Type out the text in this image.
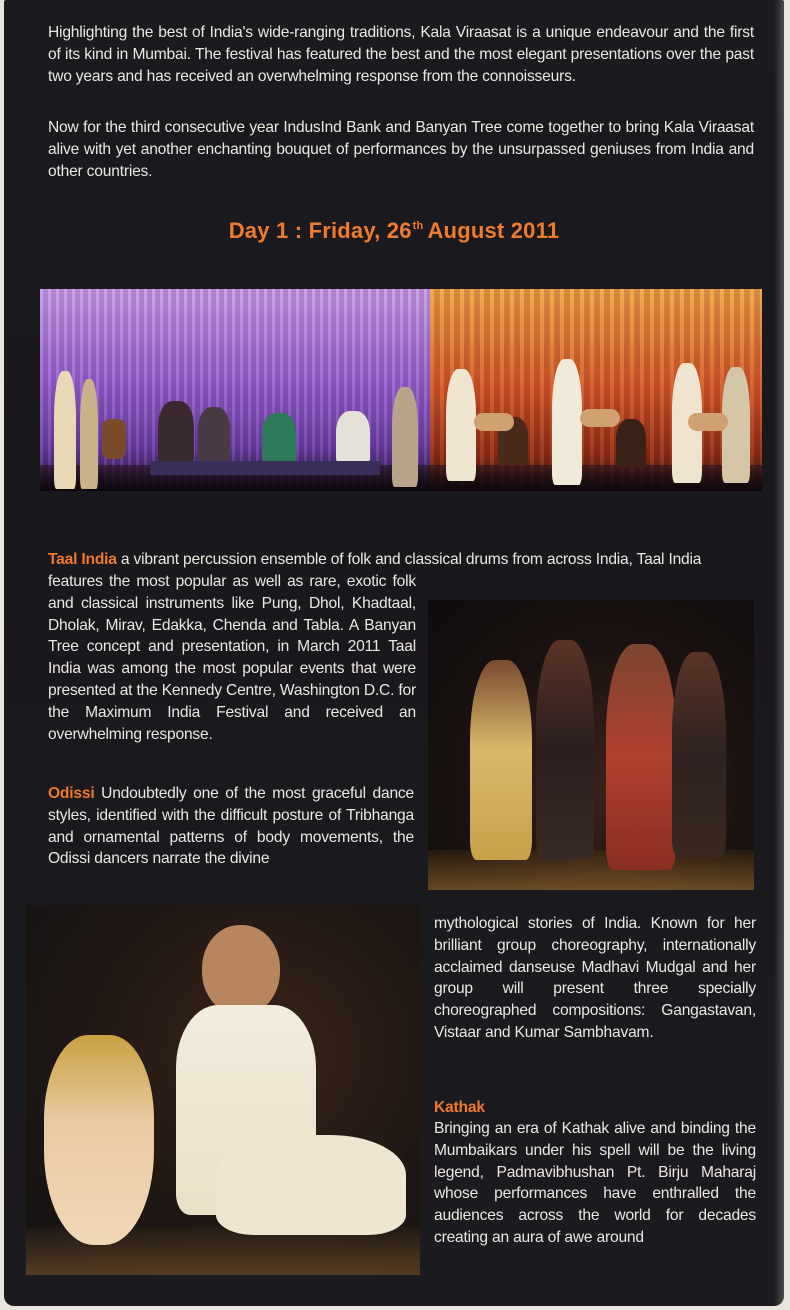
Highlighting the best of India's wide-ranging traditions, Kala Viraasat is a unique endeavour and the first of its kind in Mumbai. The festival has featured the best and the most elegant presentations over the past two years and has received an overwhelming response from the connoisseurs.
Now for the third consecutive year IndusInd Bank and Banyan Tree come together to bring Kala Viraasat alive with yet another enchanting bouquet of performances by the unsurpassed geniuses from India and other countries.
Day 1 : Friday, 26th August 2011
Taal India a vibrant percussion ensemble of folk and classical drums from across India, Taal India
features the most popular as well as rare, exotic folk and classical instruments like Pung, Dhol, Khadtaal, Dholak, Mirav, Edakka, Chenda and Tabla. A Banyan Tree concept and presentation, in March 2011 Taal India was among the most popular events that were presented at the Kennedy Centre, Washington D.C. for the Maximum India Festival and received an overwhelming response.
Odissi Undoubtedly one of the most graceful dance styles, identified with the difficult posture of Tribhanga and ornamental patterns of body movements, the Odissi dancers narrate the divine
mythological stories of India. Known for her brilliant group choreography, internationally acclaimed danseuse Madhavi Mudgal and her group will present three specially choreographed compositions: Gangastavan, Vistaar and Kumar Sambhavam.
Kathak
Bringing an era of Kathak alive and binding the Mumbaikars under his spell will be the living legend, Padmavibhushan Pt. Birju Maharaj whose performances have enthralled the audiences across the world for decades creating an aura of awe around
